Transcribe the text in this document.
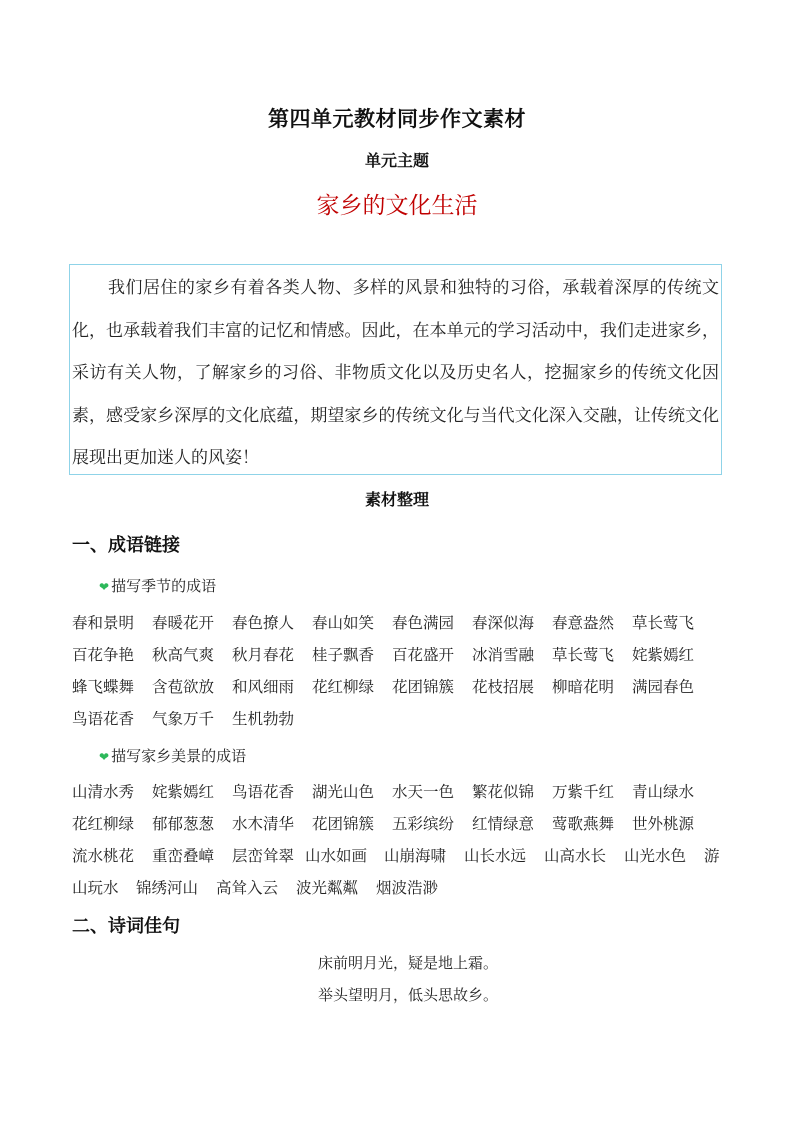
第四单元教材同步作文素材
单元主题
家乡的文化生活
我们居住的家乡有着各类人物、多样的风景和独特的习俗，承载着深厚的传统文化，也承载着我们丰富的记忆和情感。因此，在本单元的学习活动中，我们走进家乡，采访有关人物，了解家乡的习俗、非物质文化以及历史名人，挖掘家乡的传统文化因素，感受家乡深厚的文化底蕴，期望家乡的传统文化与当代文化深入交融，让传统文化展现出更加迷人的风姿！
素材整理
一、成语链接
❤ 描写季节的成语
春和景明 春暖花开 春色撩人 春山如笑 春色满园 春深似海 春意盎然 草长莺飞
百花争艳 秋高气爽 秋月春花 桂子飘香 百花盛开 冰消雪融 草长莺飞 姹紫嫣红
蜂飞蝶舞 含苞欲放 和风细雨 花红柳绿 花团锦簇 花枝招展 柳暗花明 满园春色
鸟语花香 气象万千 生机勃勃
❤ 描写家乡美景的成语
山清水秀 姹紫嫣红 鸟语花香 湖光山色 水天一色 繁花似锦 万紫千红 青山绿水
花红柳绿 郁郁葱葱 水木清华 花团锦簇 五彩缤纷 红情绿意 莺歌燕舞 世外桃源
流水桃花 重峦叠嶂 层峦耸翠 山水如画 山崩海啸 山长水远 山高水长 山光水色 游
山玩水 锦绣河山 高耸入云 波光粼粼 烟波浩渺
二、诗词佳句
床前明月光，疑是地上霜。
举头望明月，低头思故乡。
